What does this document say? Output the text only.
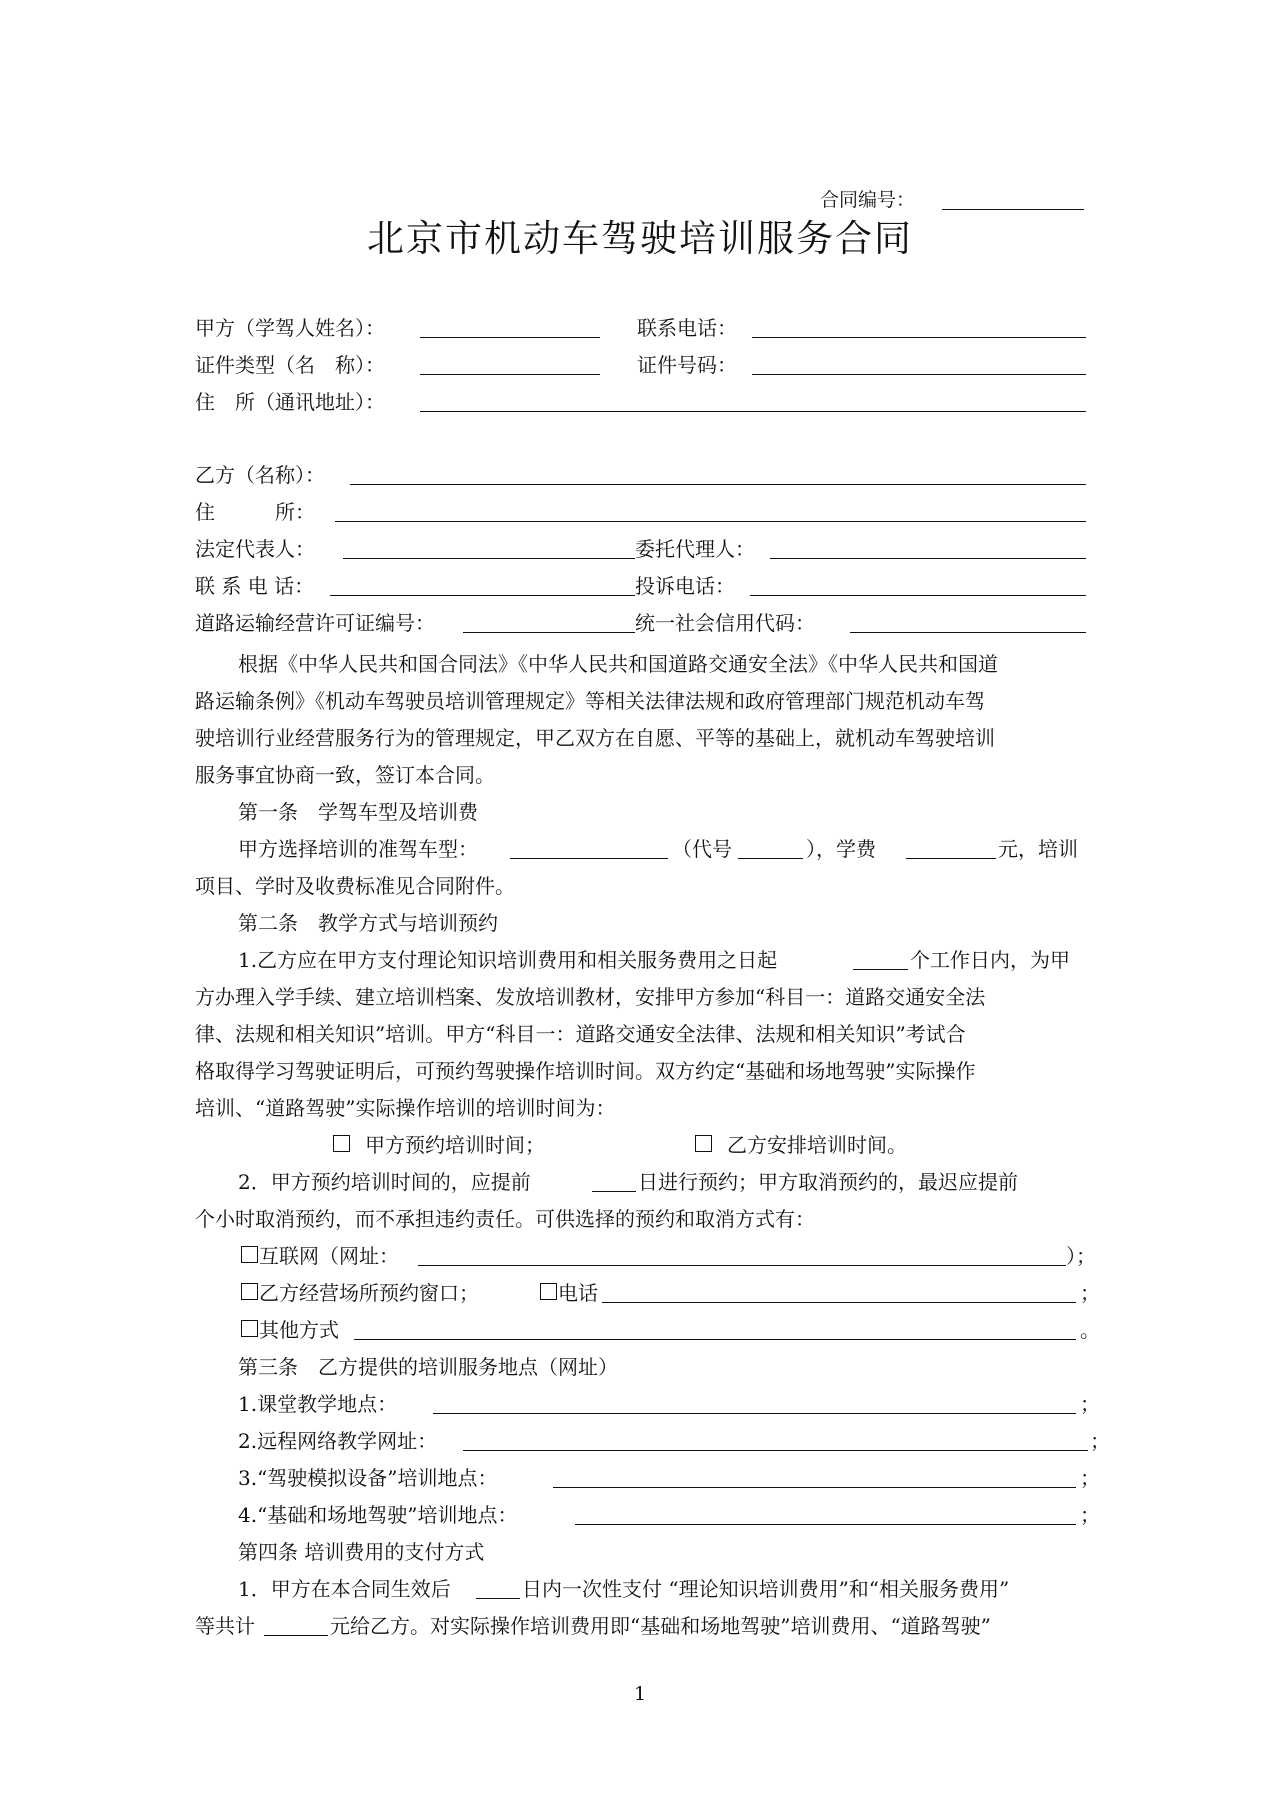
合同编号：
北京市机动车驾驶培训服务合同
甲方（学驾人姓名）：	联系电话：
证件类型（名　称）：	证件号码：
住　所（通讯地址）：
乙方（名称）：
住　　　所：
法定代表人：	委托代理人：
联 系 电 话：	投诉电话：
道路运输经营许可证编号：	统一社会信用代码：
根据《中华人民共和国合同法》《中华人民共和国道路交通安全法》《中华人民共和国道
路运输条例》《机动车驾驶员培训管理规定》等相关法律法规和政府管理部门规范机动车驾
驶培训行业经营服务行为的管理规定，甲乙双方在自愿、平等的基础上，就机动车驾驶培训
服务事宜协商一致，签订本合同。
第一条　学驾车型及培训费
甲方选择培训的准驾车型：	（代号	），学费	元，培训
项目、学时及收费标准见合同附件。
第二条　教学方式与培训预约
1.乙方应在甲方支付理论知识培训费用和相关服务费用之日起	个工作日内，为甲
方办理入学手续、建立培训档案、发放培训教材，安排甲方参加“科目一：道路交通安全法
律、法规和相关知识”培训。甲方“科目一：道路交通安全法律、法规和相关知识”考试合
格取得学习驾驶证明后，可预约驾驶操作培训时间。双方约定“基础和场地驾驶”实际操作
培训、“道路驾驶”实际操作培训的培训时间为：
甲方预约培训时间；	乙方安排培训时间。
2．甲方预约培训时间的，应提前	日进行预约；甲方取消预约的，最迟应提前
个小时取消预约，而不承担违约责任。可供选择的预约和取消方式有：
互联网（网址：	）；
乙方经营场所预约窗口；	电话	；
其他方式	。
第三条　乙方提供的培训服务地点（网址）
1.课堂教学地点：	；
2.远程网络教学网址：	；
3.“驾驶模拟设备”培训地点：	；
4.“基础和场地驾驶”培训地点：	；
第四条 培训费用的支付方式
1．甲方在本合同生效后	日内一次性支付 “理论知识培训费用”和“相关服务费用”
等共计	元给乙方。对实际操作培训费用即“基础和场地驾驶”培训费用、“道路驾驶”
1
